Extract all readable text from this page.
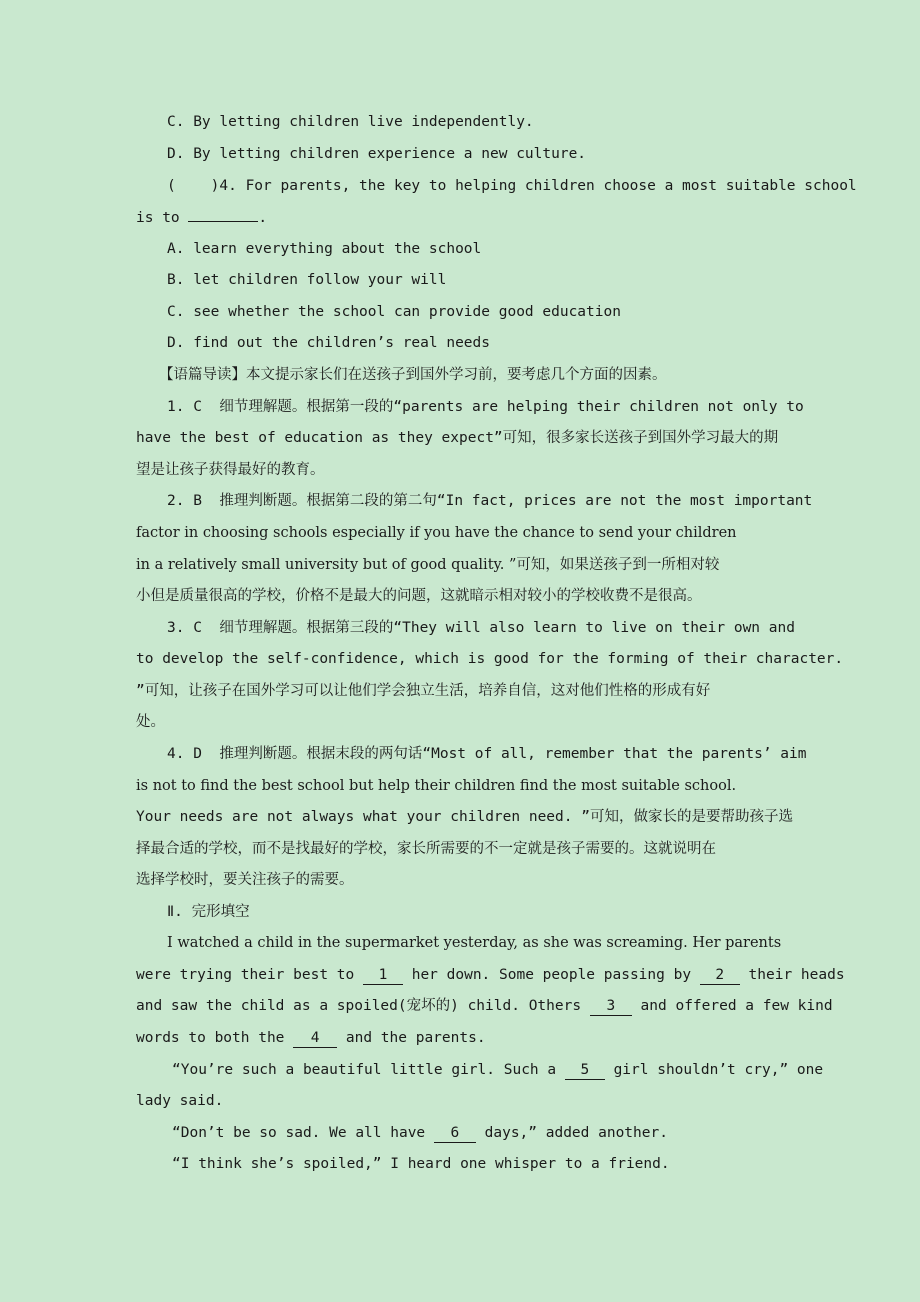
C. By letting children live independently.
D. By letting children experience a new culture.
(    )4. For parents, the key to helping children choose a most suitable school
is to	.
A. learn everything about the school
B. let children follow your will
C. see whether the school can provide good education
D. find out the children’s real needs
【语篇导读】本文提示家长们在送孩子到国外学习前，要考虑几个方面的因素。
1. C  细节理解题。根据第一段的“parents are helping their children not only to
have the best of education as they expect”可知，很多家长送孩子到国外学习最大的期
望是让孩子获得最好的教育。
2. B  推理判断题。根据第二段的第二句“In fact, prices are not the most important
factor in choosing schools especially if you have the chance to send your children
in a relatively small university but of good quality. ”可知，如果送孩子到一所相对较
小但是质量很高的学校，价格不是最大的问题，这就暗示相对较小的学校收费不是很高。
3. C  细节理解题。根据第三段的“They will also learn to live on their own and
to develop the self-confidence, which is good for the forming of their character.
”可知，让孩子在国外学习可以让他们学会独立生活，培养自信，这对他们性格的形成有好
处。
4. D  推理判断题。根据末段的两句话“Most of all, remember that the parents’ aim
is not to find the best school but help their children find the most suitable school.
Your needs are not always what your children need. ”可知，做家长的是要帮助孩子选
择最合适的学校，而不是找最好的学校，家长所需要的不一定就是孩子需要的。这就说明在
选择学校时，要关注孩子的需要。
Ⅱ. 完形填空
I watched a child in the supermarket yesterday, as she was screaming. Her parents
were trying their best to 1 her down. Some people passing by 2 their heads
and saw the child as a spoiled(宠坏的) child. Others 3 and offered a few kind
words to both the 4 and the parents.
“You’re such a beautiful little girl. Such a 5 girl shouldn’t cry,” one
lady said.
“Don’t be so sad. We all have 6 days,” added another.
“I think she’s spoiled,” I heard one whisper to a friend.
